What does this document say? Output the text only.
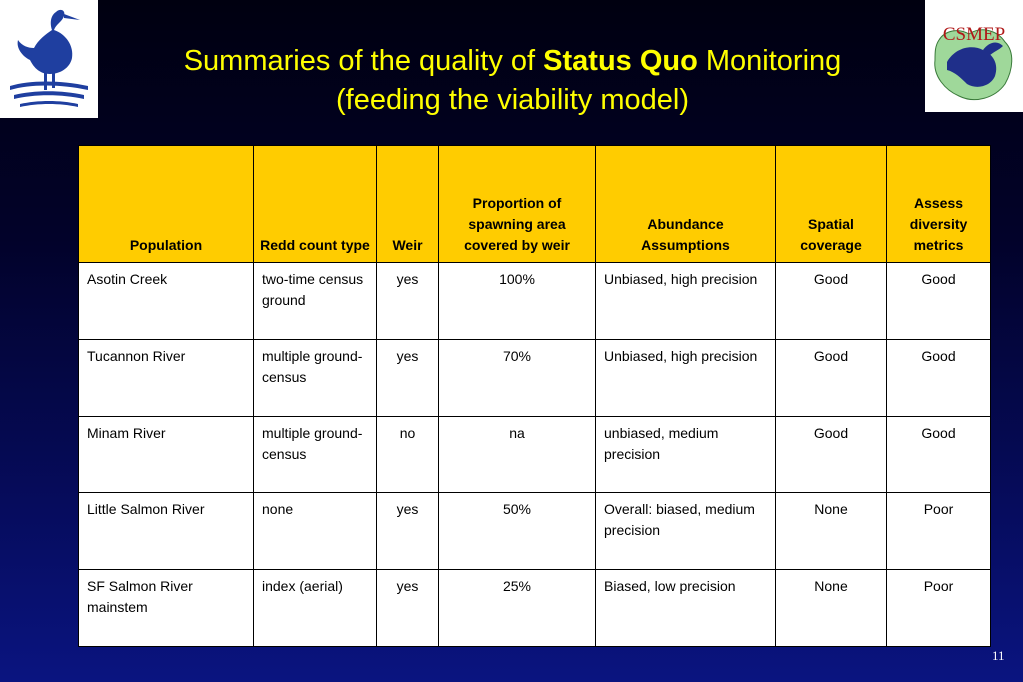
CSMEP
Summaries of the quality of Status Quo Monitoring
(feeding the viability model)
Population	Redd count type	Weir	Proportion of spawning area covered by weir	Abundance Assumptions	Spatial coverage	Assess diversity metrics
Asotin Creek	two-time census ground	yes	100%	Unbiased, high precision	Good	Good
Tucannon River	multiple ground-census	yes	70%	Unbiased, high precision	Good	Good
Minam River	multiple ground-census	no	na	unbiased, medium precision	Good	Good
Little Salmon River	none	yes	50%	Overall: biased, medium precision	None	Poor
SF Salmon River mainstem	index (aerial)	yes	25%	Biased, low precision	None	Poor
11
